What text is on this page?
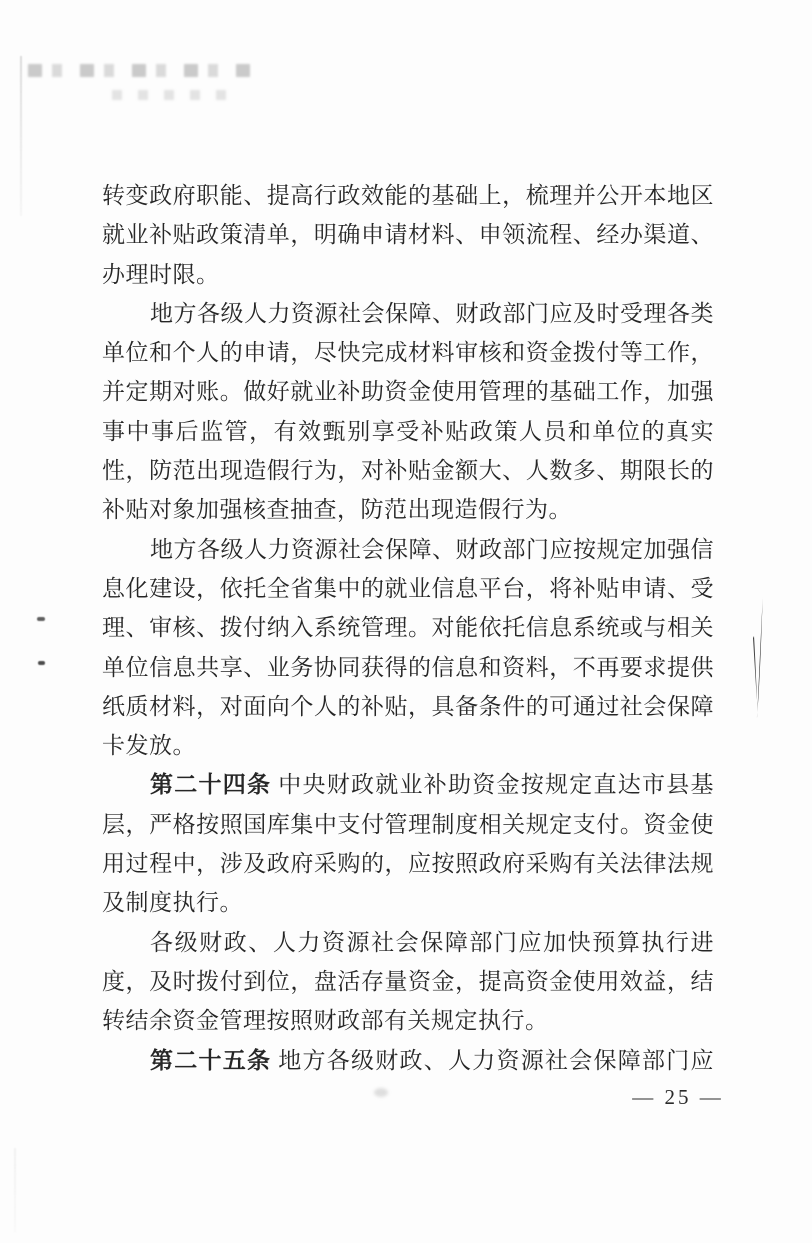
转变政府职能、提高行政效能的基础上，梳理并公开本地区
就业补贴政策清单，明确申请材料、申领流程、经办渠道、
办理时限。
地方各级人力资源社会保障、财政部门应及时受理各类
单位和个人的申请，尽快完成材料审核和资金拨付等工作，
并定期对账。做好就业补助资金使用管理的基础工作，加强
事中事后监管，有效甄别享受补贴政策人员和单位的真实
性，防范出现造假行为，对补贴金额大、人数多、期限长的
补贴对象加强核查抽查，防范出现造假行为。
地方各级人力资源社会保障、财政部门应按规定加强信
息化建设，依托全省集中的就业信息平台，将补贴申请、受
理、审核、拨付纳入系统管理。对能依托信息系统或与相关
单位信息共享、业务协同获得的信息和资料，不再要求提供
纸质材料，对面向个人的补贴，具备条件的可通过社会保障
卡发放。
第二十四条 中央财政就业补助资金按规定直达市县基
层，严格按照国库集中支付管理制度相关规定支付。资金使
用过程中，涉及政府采购的，应按照政府采购有关法律法规
及制度执行。
各级财政、人力资源社会保障部门应加快预算执行进
度，及时拨付到位，盘活存量资金，提高资金使用效益，结
转结余资金管理按照财政部有关规定执行。
第二十五条 地方各级财政、人力资源社会保障部门应
— 25 —
